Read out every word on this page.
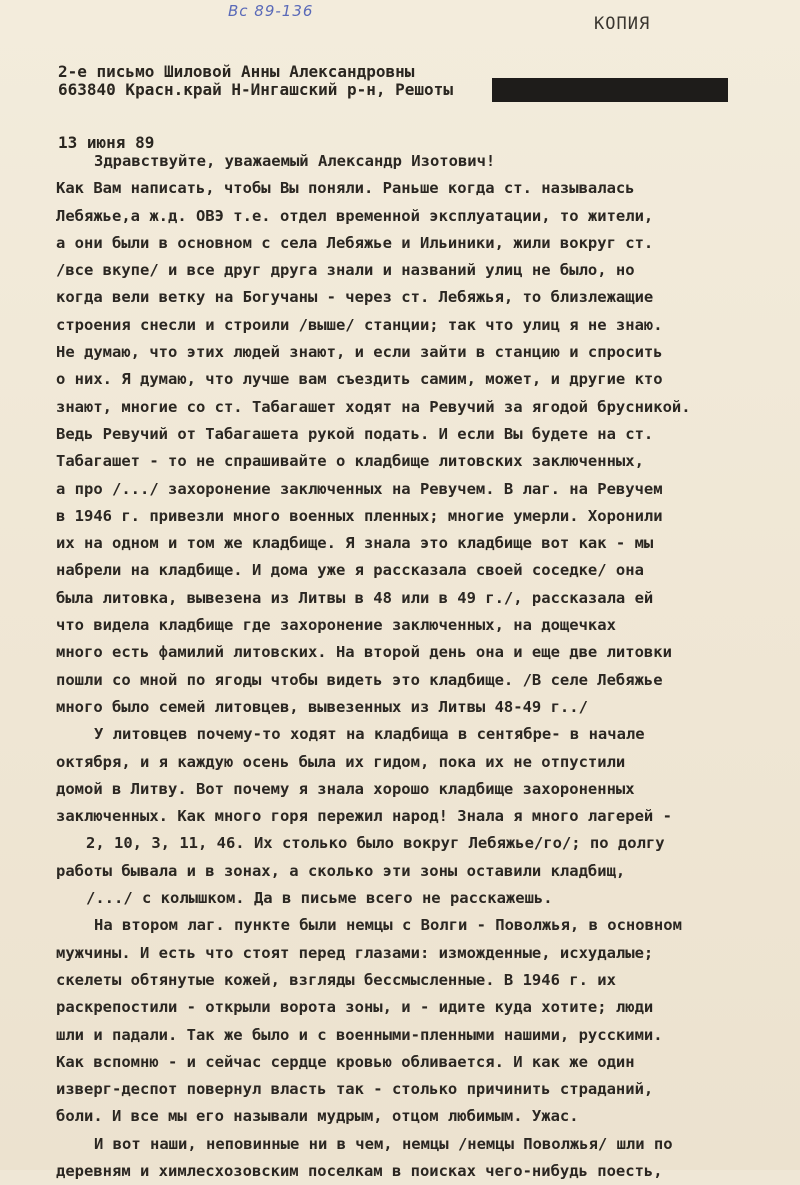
Вс 89-136
КОПИЯ
2-е письмо Шиловой Анны Александровны
663840 Красн.край Н-Ингашский р-н, Решоты
13 июня 89
Здравствуйте, уважаемый Александр Изотович!
Как Вам написать, чтобы Вы поняли. Раньше когда ст. называлась
Лебяжье,а ж.д. ОВЭ т.е. отдел временной эксплуатации, то жители,
а они были в основном с села Лебяжье и Ильиники, жили вокруг ст.
/все вкупе/ и все друг друга знали и названий улиц не было, но
когда вели ветку на Богучаны - через ст. Лебяжья, то близлежащие
строения снесли и строили /выше/ станции; так что улиц я не знаю.
Не думаю, что этих людей знают, и если зайти в станцию и спросить
о них. Я думаю, что лучше вам съездить самим, может, и другие кто
знают, многие со ст. Табагашет ходят на Ревучий за ягодой брусникой.
Ведь Ревучий от Табагашета рукой подать. И если Вы будете на ст.
Табагашет - то не спрашивайте о кладбище литовских заключенных,
а про /.../ захоронение заключенных на Ревучем. В лаг. на Ревучем
в 1946 г. привезли много военных пленных; многие умерли. Хоронили
их на одном и том же кладбище. Я знала это кладбище вот как - мы
набрели на кладбище. И дома уже я рассказала своей соседке/ она
была литовка, вывезена из Литвы в 48 или в 49 г./, рассказала ей
что видела кладбище где захоронение заключенных, на дощечках
много есть фамилий литовских. На второй день она и еще две литовки
пошли со мной по ягоды чтобы видеть это кладбище. /В селе Лебяжье
много было семей литовцев, вывезенных из Литвы 48-49 г../
У литовцев почему-то ходят на кладбища в сентябре- в начале
октября, и я каждую осень была их гидом, пока их не отпустили
домой в Литву. Вот почему я знала хорошо кладбище захороненных
заключенных. Как много горя пережил народ! Знала я много лагерей -
2, 10, 3, 11, 46. Их столько было вокруг Лебяжье/го/; по долгу
работы бывала и в зонах, а сколько эти зоны оставили кладбищ,
/.../ с колышком. Да в письме всего не расскажешь.
На втором лаг. пункте были немцы с Волги - Поволжья, в основном
мужчины. И есть что стоят перед глазами: изможденные, исхудалые;
скелеты обтянутые кожей, взгляды бессмысленные. В 1946 г. их
раскрепостили - открыли ворота зоны, и - идите куда хотите; люди
шли и падали. Так же было и с военными-пленными нашими, русскими.
Как вспомню - и сейчас сердце кровью обливается. И как же один
изверг-деспот повернул власть так - столько причинить страданий,
боли. И все мы его называли мудрым, отцом любимым. Ужас.
И вот наши, неповинные ни в чем, немцы /немцы Поволжья/ шли по
деревням и химлесхозовским поселкам в поисках чего-нибудь поесть,
